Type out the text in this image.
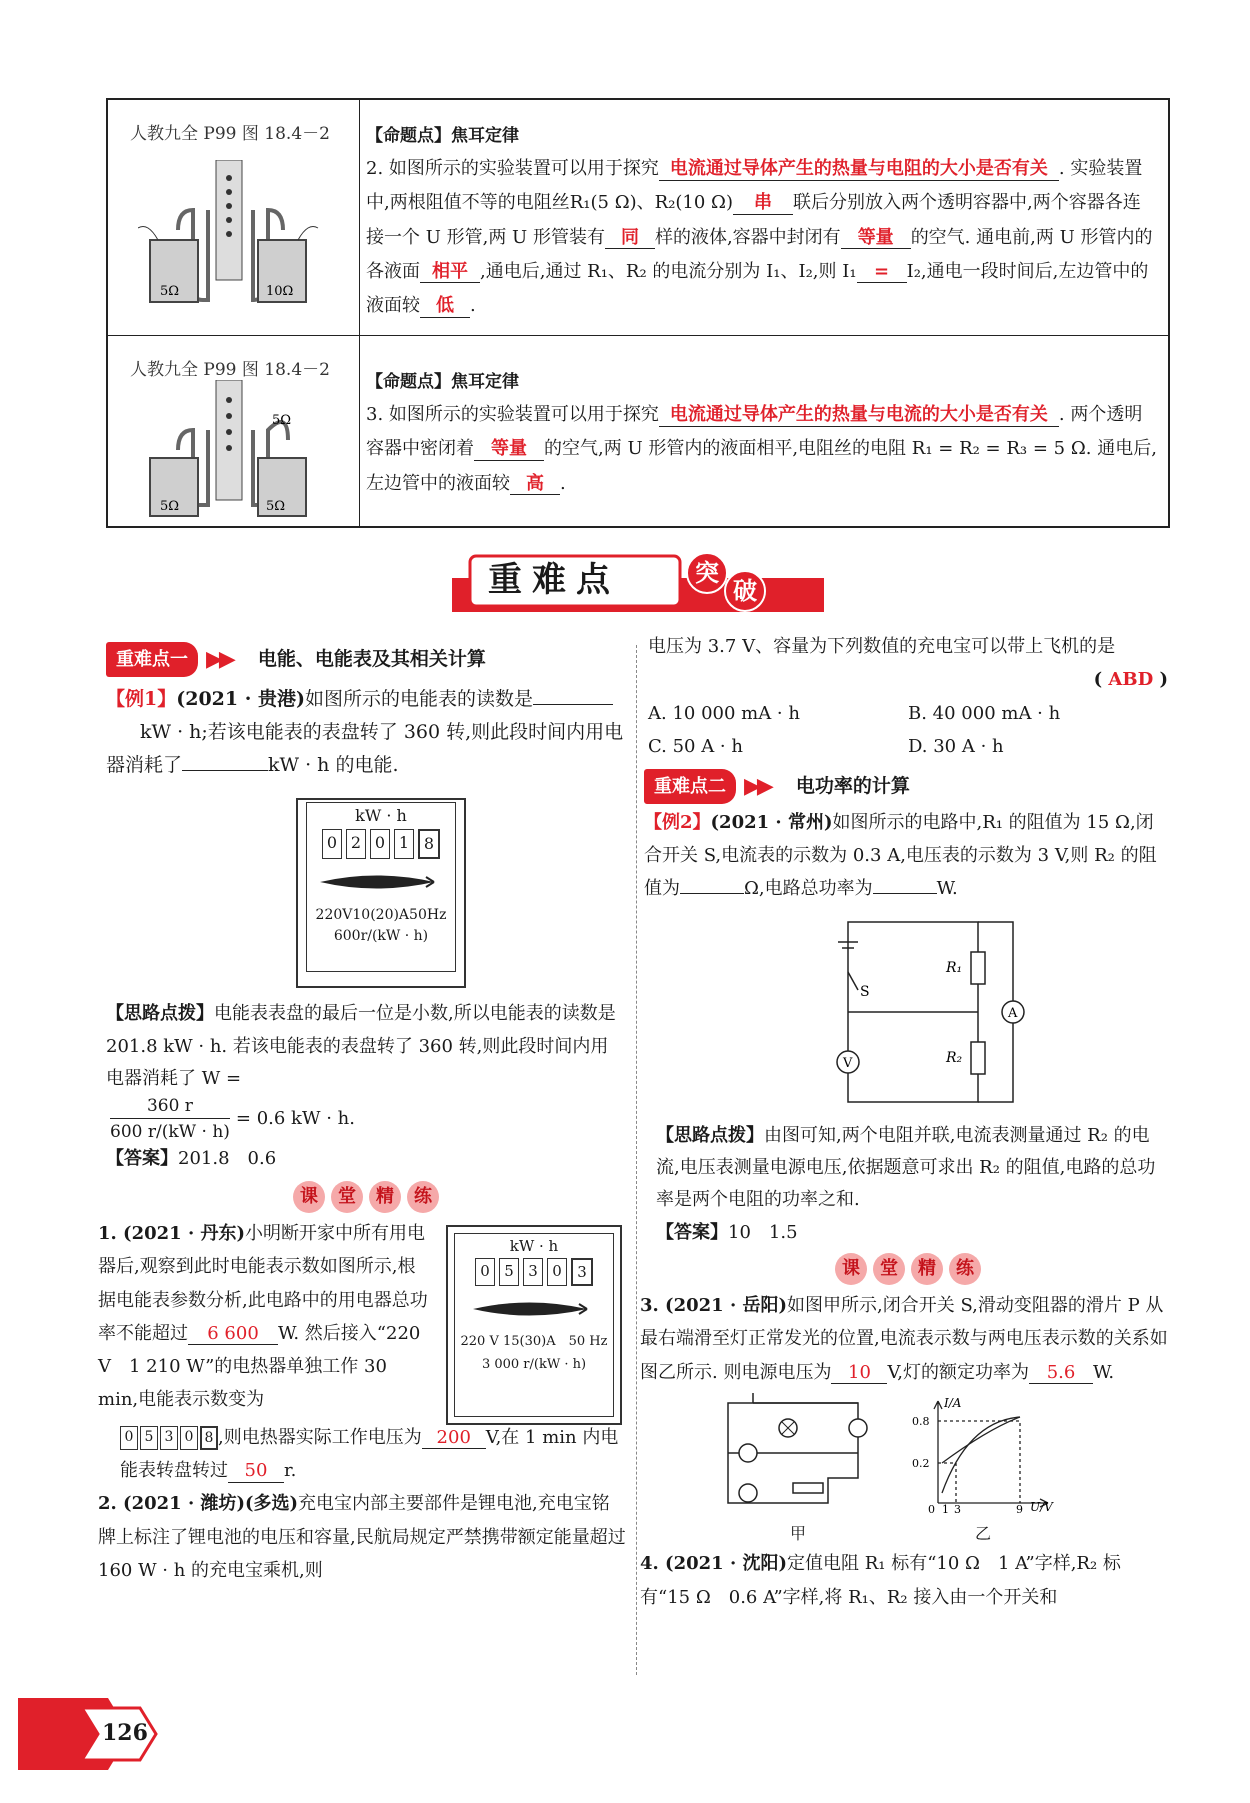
人教九全 P99 图 18.4－2
5Ω	10Ω
【命题点】焦耳定律
2. 如图所示的实验装置可以用于探究 电流通过导体产生的热量与电阻的大小是否有关 . 实验装置中,两根阻值不等的电阻丝R₁(5 Ω)、R₂(10 Ω) 串 联后分别放入两个透明容器中,两个容器各连接一个 U 形管,两 U 形管装有 同 样的液体,容器中封闭有 等量 的空气. 通电前,两 U 形管内的各液面 相平 ,通电后,通过 R₁、R₂ 的电流分别为 I₁、I₂,则 I₁ = I₂,通电一段时间后,左边管中的液面较 低 .
人教九全 P99 图 18.4－2
5Ω
5Ω	5Ω
【命题点】焦耳定律
3. 如图所示的实验装置可以用于探究 电流通过导体产生的热量与电流的大小是否有关 . 两个透明容器中密闭着 等量 的空气,两 U 形管内的液面相平,电阻丝的电阻 R₁ = R₂ = R₃ = 5 Ω. 通电后,左边管中的液面较 高 .
重难点	突
破
重难点一 ▶▶ 电能、电能表及其相关计算
【例1】(2021 · 贵港)如图所示的电能表的读数是
kW · h;若该电能表的表盘转了 360 转,则此段时间内用电器消耗了	kW · h 的电能.
kW · h
0 2 0 1 8
220V10(20)A50Hz
600r/(kW · h)
【思路点拨】电能表表盘的最后一位是小数,所以电能表的读数是 201.8 kW · h. 若该电能表的表盘转了 360 转,则此段时间内用电器消耗了 W =
$\frac{360 r}{600 r/(kW \cdot h)} = 0.6$ kW · h.
【答案】201.8　0.6
课	堂	精	练
kW · h
0 5 3 0	3
220 V 15(30)A　50 Hz
3 000 r/(kW · h)
1. (2021 · 丹东)小明断开家中所有用电器后,观察到此时电能表示数如图所示,根据电能表参数分析,此电路中的用电器总功率不能超过 6 600 W. 然后接入“220 V　1 210 W”的电热器单独工作 30 min,电能表示数变为
0 5 3 0 8 ,则电热器实际工作电压为 200 V,在 1 min 内电能表转盘转过 50 r.
2. (2021 · 潍坊)(多选)充电宝内部主要部件是锂电池,充电宝铭牌上标注了锂电池的电压和容量,民航局规定严禁携带额定能量超过 160 W · h 的充电宝乘机,则
电压为 3.7 V、容量为下列数值的充电宝可以带上飞机的是
( ABD )
A. 10 000 mA · h	B. 40 000 mA · h
C. 50 A · h	D. 30 A · h
重难点二 ▶▶ 电功率的计算
【例2】(2021 · 常州)如图所示的电路中,R₁ 的阻值为 15 Ω,闭合开关 S,电流表的示数为 0.3 A,电压表的示数为 3 V,则 R₂ 的阻值为	Ω,电路总功率为	W.
S
R₁
R₂
A
V
【思路点拨】由图可知,两个电阻并联,电流表测量通过 R₂ 的电流,电压表测量电源电压,依据题意可求出 R₂ 的阻值,电路的总功率是两个电阻的功率之和.
【答案】10　1.5
课	堂	精	练
3. (2021 · 岳阳)如图甲所示,闭合开关 S,滑动变阻器的滑片 P 从最右端滑至灯正常发光的位置,电流表示数与两电压表示数的关系如图乙所示. 则电源电压为 10 V,灯的额定功率为 5.6 W.
甲
I/A
U/V
0.8
0.2
0 1 3	9
乙
4. (2021 · 沈阳)定值电阻 R₁ 标有“10 Ω　1 A”字样,R₂ 标有“15 Ω　0.6 A”字样,将 R₁、R₂ 接入由一个开关和
126
